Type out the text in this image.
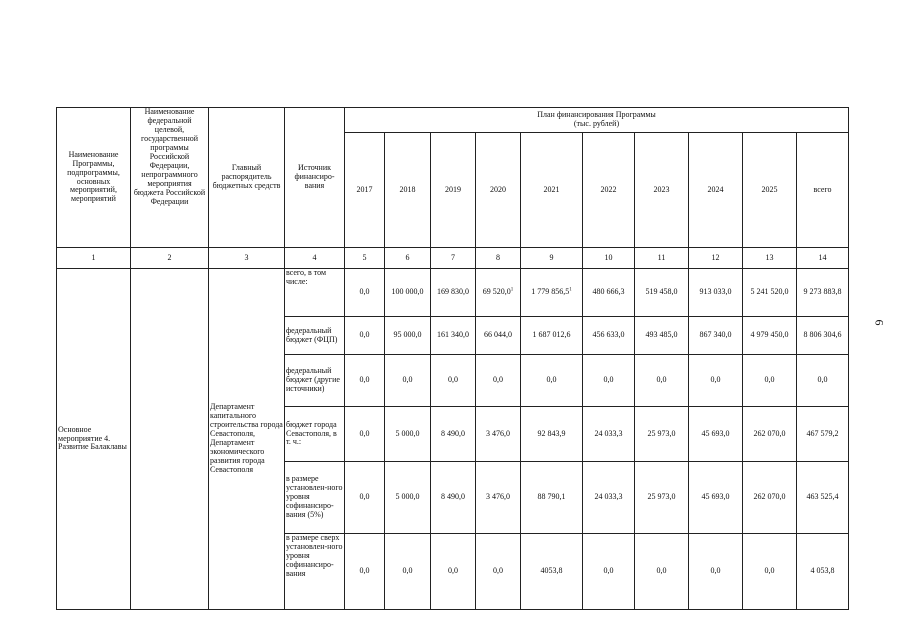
6
Наименование Программы, подпрограммы, основных мероприятий, мероприятий	Наименование федеральной целевой, государственной программы Российской Федерации, непрограммного мероприятия бюджета Российской Федерации	Главный распорядитель бюджетных средств	Источник финансиро-вания	План финансирования Программы
(тыс. рублей)									

				2017	2018	2019	2020	2021	2022	2023	2024	2025	всего
1	2	3	4	5	6	7	8	9	10	11	12	13	14
Основное мероприятие 4. Развитие Балаклавы		Департамент капитального строительства города Севастополя, Департамент экономического развития города Севастополя	всего, в том числе:	0,0	100 000,0	169 830,0	69 520,0$^1$	1 779 856,5$^1$	480 666,3	519 458,0	913 033,0	5 241 520,0	9 273 883,8
			федеральный бюджет (ФЦП)	0,0	95 000,0	161 340,0	66 044,0	1 687 012,6	456 633,0	493 485,0	867 340,0	4 979 450,0	8 806 304,6
			федеральный бюджет (другие источники)	0,0	0,0	0,0	0,0	0,0	0,0	0,0	0,0	0,0	0,0
			бюджет города Севастополя, в т. ч.:	0,0	5 000,0	8 490,0	3 476,0	92 843,9	24 033,3	25 973,0	45 693,0	262 070,0	467 579,2
			в размере установлен-ного уровня софинансиро-вания (5%)	0,0	5 000,0	8 490,0	3 476,0	88 790,1	24 033,3	25 973,0	45 693,0	262 070,0	463 525,4
			в размере сверх установлен-ного уровня софинансиро-вания	0,0	0,0	0,0	0,0	4053,8	0,0	0,0	0,0	0,0	4 053,8
